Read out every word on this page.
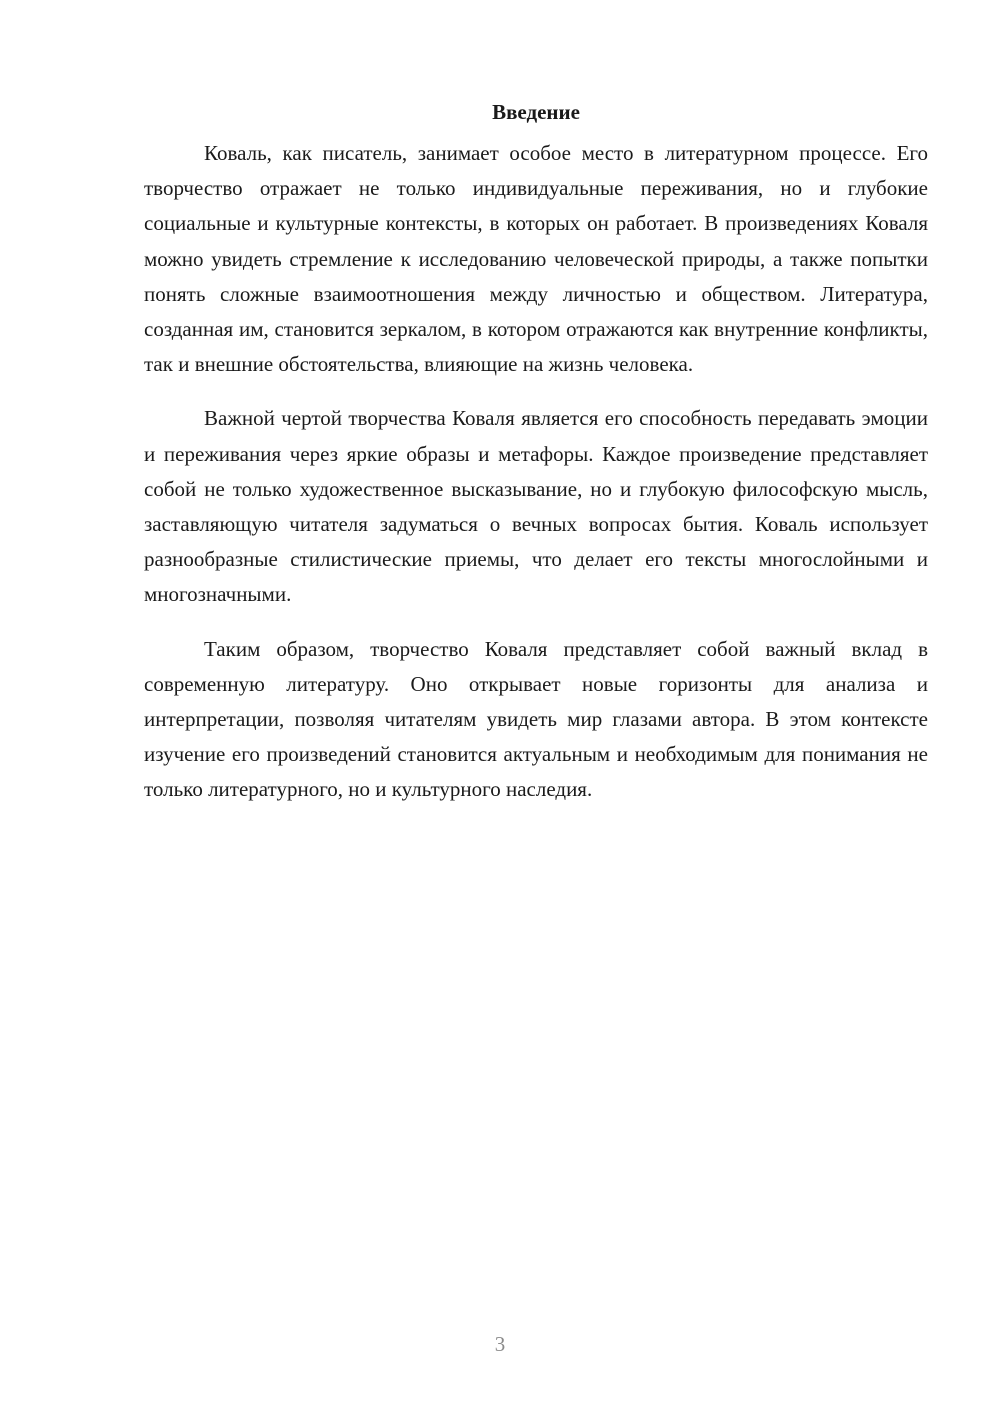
Введение

Коваль, как писатель, занимает особое место в литературном процессе. Его творчество отражает не только индивидуальные переживания, но и глубокие социальные и культурные контексты, в которых он работает. В произведениях Коваля можно увидеть стремление к исследованию человеческой природы, а также попытки понять сложные взаимоотношения между личностью и обществом. Литература, созданная им, становится зеркалом, в котором отражаются как внутренние конфликты, так и внешние обстоятельства, влияющие на жизнь человека.

Важной чертой творчества Коваля является его способность передавать эмоции и переживания через яркие образы и метафоры. Каждое произведение представляет собой не только художественное высказывание, но и глубокую философскую мысль, заставляющую читателя задуматься о вечных вопросах бытия. Коваль использует разнообразные стилистические приемы, что делает его тексты многослойными и многозначными.

Таким образом, творчество Коваля представляет собой важный вклад в современную литературу. Оно открывает новые горизонты для анализа и интерпретации, позволяя читателям увидеть мир глазами автора. В этом контексте изучение его произведений становится актуальным и необходимым для понимания не только литературного, но и культурного наследия.

3
